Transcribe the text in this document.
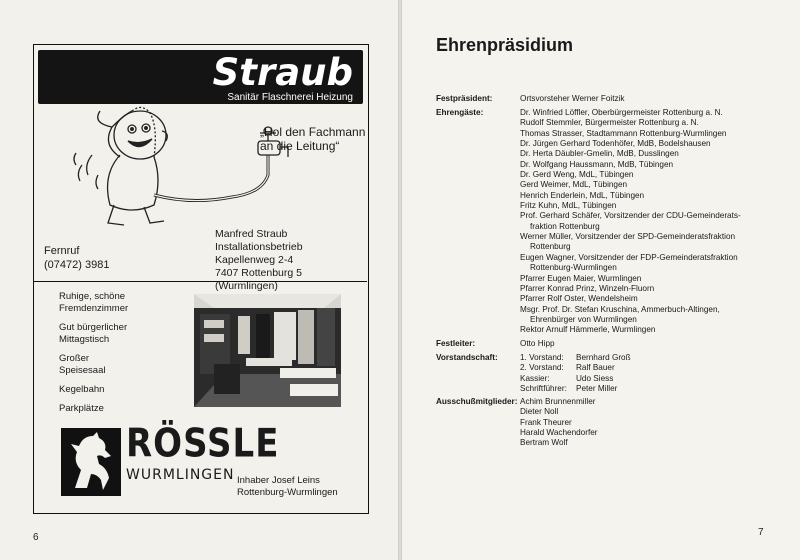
Straub
Sanitär Flaschnerei Heizung
„Hol den Fachmann
an die Leitung“
Fernruf
(07472) 3981
Manfred Straub
Installationsbetrieb
Kapellenweg 2-4
7407 Rottenburg 5 (Wurmlingen)
Ruhige, schöne
Fremdenzimmer
Gut bürgerlicher
Mittagstisch
Großer
Speisesaal
Kegelbahn
Parkplätze
RÖSSLE
WURMLINGEN Inhaber Josef Leins
Rottenburg-Wurmlingen
6
Ehrenpräsidium
Festpräsident:	Ortsvorsteher Werner Foitzik
Ehrengäste:	Dr. Winfried Löffler, Oberbürgermeister Rottenburg a. N.
Rudolf Stemmler, Bürgermeister Rottenburg a. N.
Thomas Strasser, Stadtammann Rottenburg-Wurmlingen
Dr. Jürgen Gerhard Todenhöfer, MdB, Bodelshausen
Dr. Herta Däubler-Gmelin, MdB, Dusslingen
Dr. Wolfgang Haussmann, MdB, Tübingen
Dr. Gerd Weng, MdL, Tübingen
Gerd Weimer, MdL, Tübingen
Henrich Enderlein, MdL, Tübingen
Fritz Kuhn, MdL, Tübingen
Prof. Gerhard Schäfer, Vorsitzender der CDU-Gemeinderats-
fraktion Rottenburg
Werner Müller, Vorsitzender der SPD-Gemeinderatsfraktion
Rottenburg
Eugen Wagner, Vorsitzender der FDP-Gemeinderatsfraktion
Rottenburg-Wurmlingen
Pfarrer Eugen Maier, Wurmlingen
Pfarrer Konrad Prinz, Winzeln-Fluorn
Pfarrer Rolf Oster, Wendelsheim
Msgr. Prof. Dr. Stefan Kruschina, Ammerbuch-Altingen,
Ehrenbürger von Wurmlingen
Rektor Arnulf Hämmerle, Wurmlingen
Festleiter:	Otto Hipp
Vorstandschaft:	1. Vorstand: Bernhard Groß
2. Vorstand: Ralf Bauer
Kassier:	Udo Siess
Schriftführer: Peter Miller
Ausschußmitglieder: Achim Brunnenmiller
Dieter Noll
Frank Theurer
Harald Wachendorfer
Bertram Wolf
7
